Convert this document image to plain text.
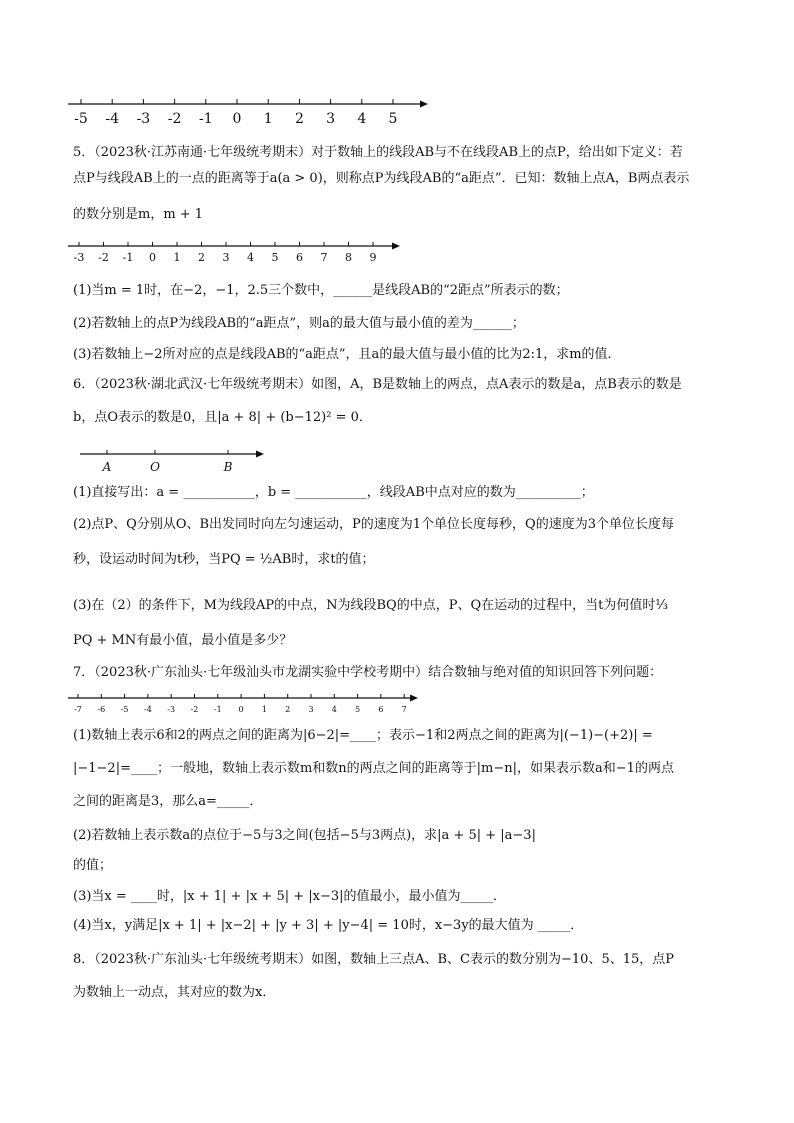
-5 -4 -3 -2 -1 0 1 2 3 4 5
5．（2023秋·江苏南通·七年级统考期末）对于数轴上的线段AB与不在线段AB上的点P，给出如下定义：若
点P与线段AB上的一点的距离等于a(a > 0)，则称点P为线段AB的“a距点”．已知：数轴上点A，B两点表示
的数分别是m，m + 1
-3 -2 -1 0 1 2 3 4 5 6 7 8 9
(1)当m = 1时，在−2，−1，2.5三个数中，______是线段AB的“2距点”所表示的数；
(2)若数轴上的点P为线段AB的“a距点”，则a的最大值与最小值的差为______；
(3)若数轴上−2所对应的点是线段AB的“a距点”，且a的最大值与最小值的比为2:1，求m的值．
6．（2023秋·湖北武汉·七年级统考期末）如图，A，B是数轴上的两点，点A表示的数是a，点B表示的数是
b，点O表示的数是0，且|a + 8| + (b−12)² = 0．
A	O	B
(1)直接写出：a = ___________，b = ___________，线段AB中点对应的数为__________；
(2)点P、Q分别从O、B出发同时向左匀速运动，P的速度为1个单位长度每秒，Q的速度为3个单位长度每
秒，设运动时间为t秒，当PQ = ½AB时，求t的值；
(3)在（2）的条件下，M为线段AP的中点，N为线段BQ的中点，P、Q在运动的过程中，当t为何值时⅓
PQ + MN有最小值，最小值是多少？
7．（2023秋·广东汕头·七年级汕头市龙湖实验中学校考期中）结合数轴与绝对值的知识回答下列问题：
-7 -6 -5 -4 -3 -2 -1 0 1 2 3 4 5 6 7
(1)数轴上表示6和2的两点之间的距离为|6−2|=____；表示−1和2两点之间的距离为|(−1)−(+2)| =
|−1−2|=____；一般地，数轴上表示数m和数n的两点之间的距离等于|m−n|，如果表示数a和−1的两点
之间的距离是3，那么a=_____．
(2)若数轴上表示数a的点位于−5与3之间(包括−5与3两点)，求|a + 5| + |a−3|
的值；
(3)当x = ____时，|x + 1| + |x + 5| + |x−3|的值最小，最小值为_____．
(4)当x，y满足|x + 1| + |x−2| + |y + 3| + |y−4| = 10时，x−3y的最大值为 _____．
8．（2023秋·广东汕头·七年级统考期末）如图，数轴上三点A、B、C表示的数分别为−10、5、15，点P
为数轴上一动点，其对应的数为x．
